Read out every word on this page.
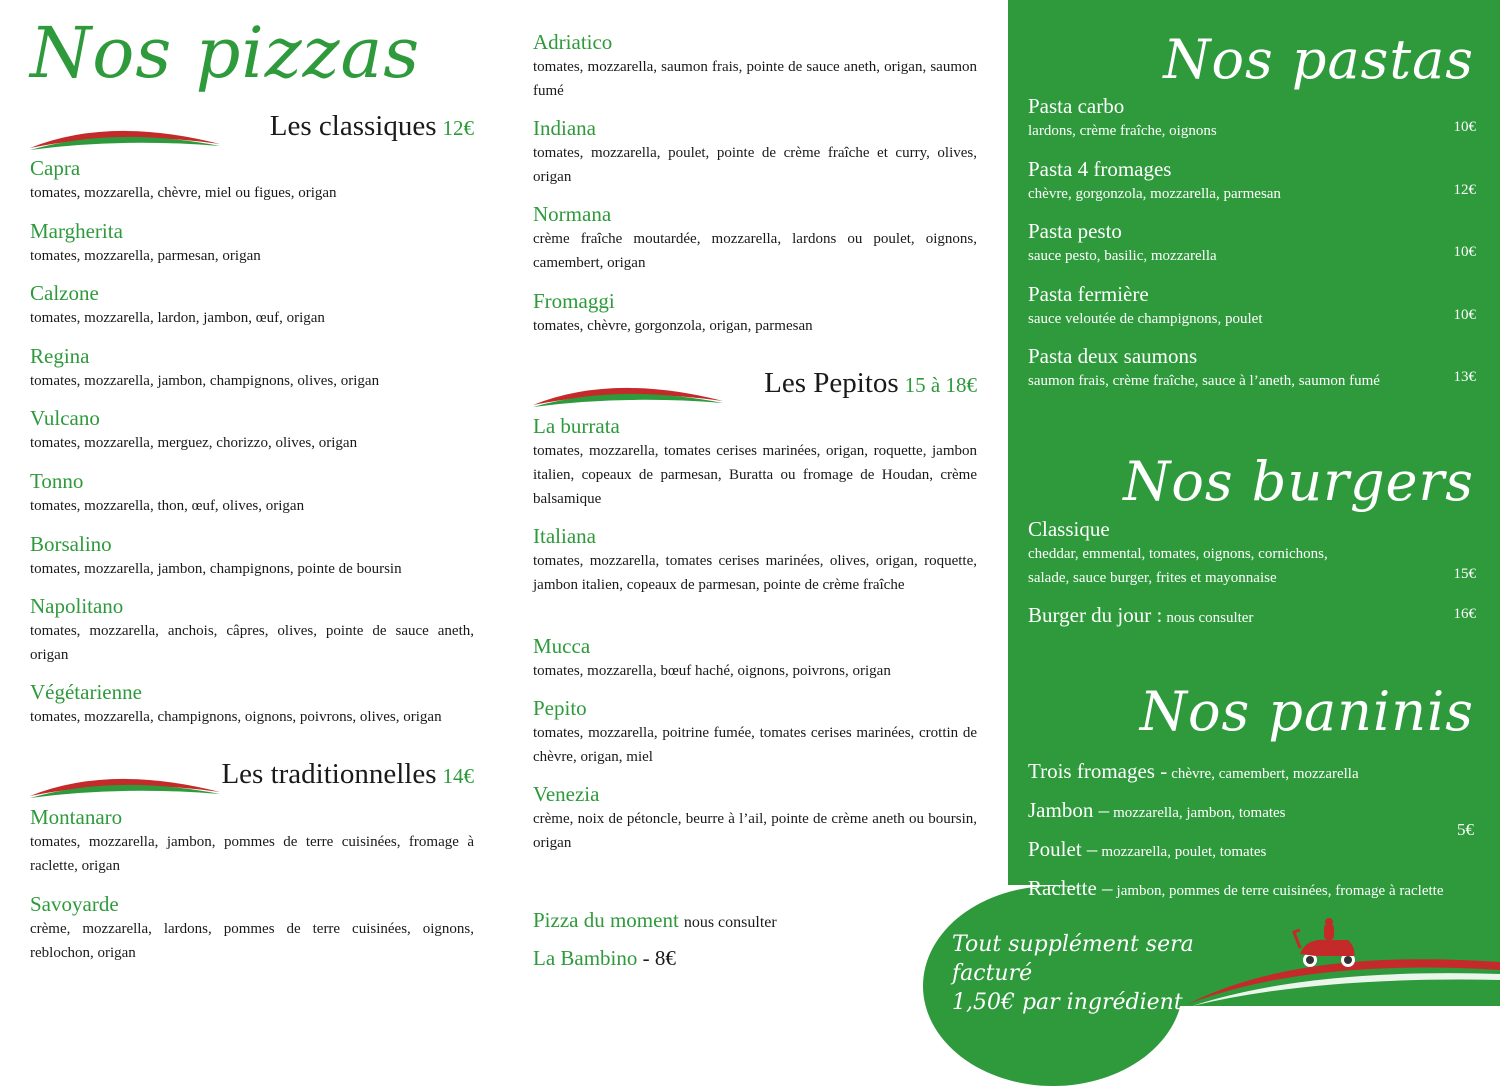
Nos pizzas
Les classiques 12€
Capra
tomates, mozzarella, chèvre, miel ou figues, origan
Margherita
tomates, mozzarella, parmesan, origan
Calzone
tomates, mozzarella, lardon, jambon, œuf, origan
Regina
tomates, mozzarella, jambon, champignons, olives, origan
Vulcano
tomates, mozzarella, merguez, chorizzo, olives, origan
Tonno
tomates, mozzarella, thon, œuf, olives, origan
Borsalino
tomates, mozzarella, jambon, champignons, pointe de boursin
Napolitano
tomates, mozzarella, anchois, câpres, olives, pointe de sauce aneth, origan
Végétarienne
tomates, mozzarella, champignons, oignons, poivrons, olives, origan
Les traditionnelles 14€
Montanaro
tomates, mozzarella, jambon, pommes de terre cuisinées, fromage à raclette, origan
Savoyarde
crème, mozzarella, lardons, pommes de terre cuisinées, oignons, reblochon, origan
Adriatico
tomates, mozzarella, saumon frais, pointe de sauce aneth, origan, saumon fumé
Indiana
tomates, mozzarella, poulet, pointe de crème fraîche et curry, olives, origan
Normana
crème fraîche moutardée, mozzarella, lardons ou poulet, oignons, camembert, origan
Fromaggi
tomates, chèvre, gorgonzola, origan, parmesan
Les Pepitos 15 à 18€
La burrata
tomates, mozzarella, tomates cerises marinées, origan, roquette, jambon italien, copeaux de parmesan, Buratta ou fromage de Houdan, crème balsamique
Italiana
tomates, mozzarella, tomates cerises marinées, olives, origan, roquette, jambon italien, copeaux de parmesan, pointe de crème fraîche
Mucca
tomates, mozzarella, bœuf haché, oignons, poivrons, origan
Pepito
tomates, mozzarella, poitrine fumée, tomates cerises marinées, crottin de chèvre, origan, miel
Venezia
crème, noix de pétoncle, beurre à l’ail, pointe de crème aneth ou boursin, origan
Pizza du moment nous consulter
La Bambino - 8€
Nos pastas
Pasta carbo
lardons, crème fraîche, oignons	10€
Pasta 4 fromages
chèvre, gorgonzola, mozzarella, parmesan	12€
Pasta pesto
sauce pesto, basilic, mozzarella	10€
Pasta fermière
sauce veloutée de champignons, poulet	10€
Pasta deux saumons
saumon frais, crème fraîche, sauce à l’aneth, saumon fumé	13€
Nos burgers
Classique
cheddar, emmental, tomates, oignons, cornichons,
salade, sauce burger, frites et mayonnaise	15€
Burger du jour : nous consulter	16€
Nos paninis
Trois fromages - chèvre, camembert, mozzarella
Jambon – mozzarella, jambon, tomates
Poulet – mozzarella, poulet, tomates
Raclette – jambon, pommes de terre cuisinées, fromage à raclette
5€
Tout supplément sera facturé
1,50€ par ingrédient.
